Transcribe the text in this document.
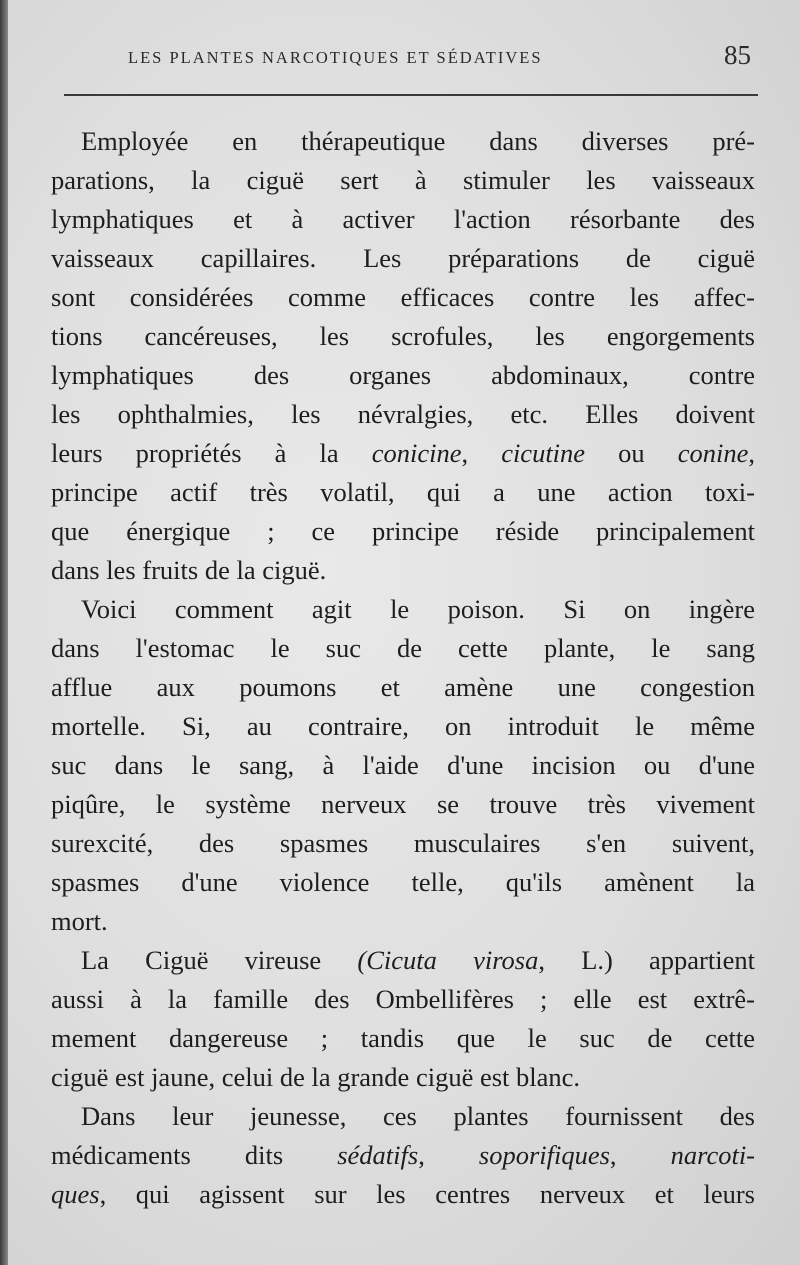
LES PLANTES NARCOTIQUES ET SÉDATIVES	85
Employée en thérapeutique dans diverses pré-
parations, la ciguë sert à stimuler les vaisseaux
lymphatiques et à activer l'action résorbante des
vaisseaux capillaires. Les préparations de ciguë
sont considérées comme efficaces contre les affec-
tions cancéreuses, les scrofules, les engorgements
lymphatiques des organes abdominaux, contre
les ophthalmies, les névralgies, etc. Elles doivent
leurs propriétés à la conicine, cicutine ou conine,
principe actif très volatil, qui a une action toxi-
que énergique ; ce principe réside principalement
dans les fruits de la ciguë.
Voici comment agit le poison. Si on ingère
dans l'estomac le suc de cette plante, le sang
afflue aux poumons et amène une congestion
mortelle. Si, au contraire, on introduit le même
suc dans le sang, à l'aide d'une incision ou d'une
piqûre, le système nerveux se trouve très vivement
surexcité, des spasmes musculaires s'en suivent,
spasmes d'une violence telle, qu'ils amènent la
mort.
La Ciguë vireuse (Cicuta virosa, L.) appartient
aussi à la famille des Ombellifères ; elle est extrê-
mement dangereuse ; tandis que le suc de cette
ciguë est jaune, celui de la grande ciguë est blanc.
Dans leur jeunesse, ces plantes fournissent des
médicaments dits sédatifs, soporifiques, narcoti-
ques, qui agissent sur les centres nerveux et leurs
